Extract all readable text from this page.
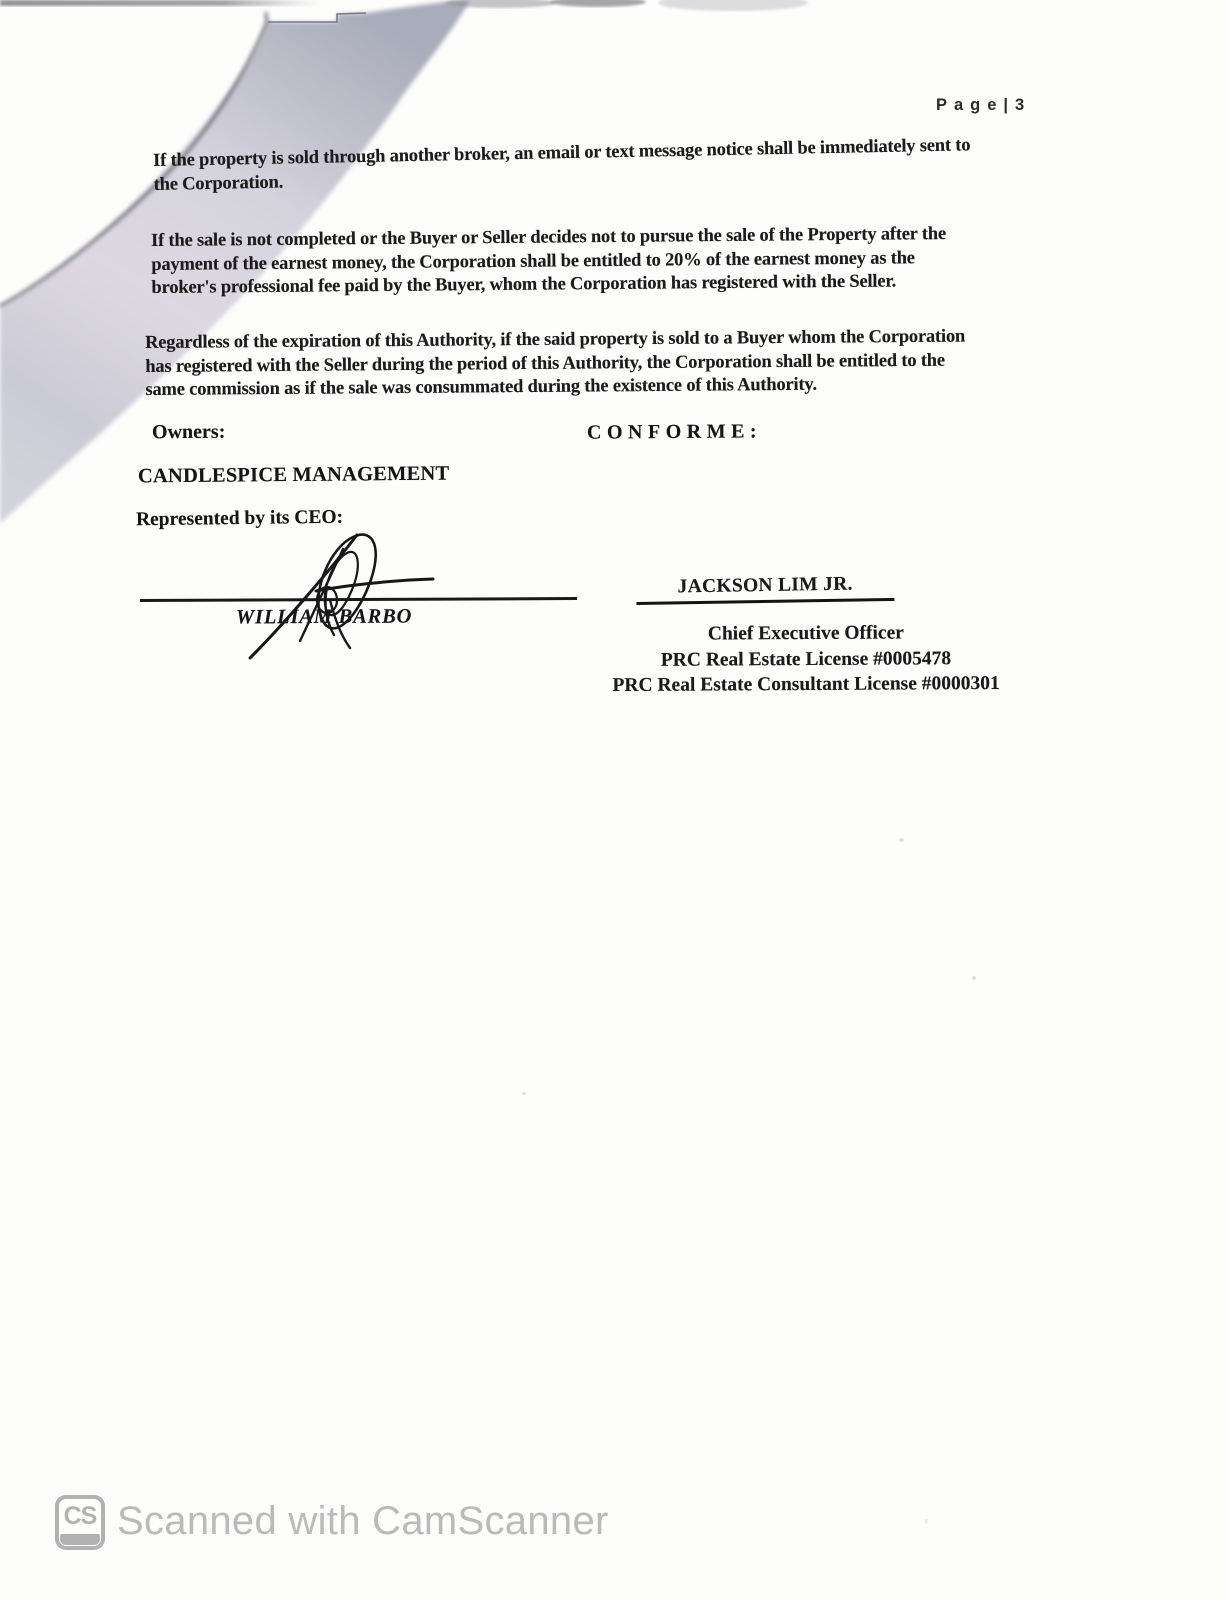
Page|3
If the property is sold through another broker, an email or text message notice shall be immediately sent to
the Corporation.
If the sale is not completed or the Buyer or Seller decides not to pursue the sale of the Property after the
payment of the earnest money, the Corporation shall be entitled to 20% of the earnest money as the
broker's professional fee paid by the Buyer, whom the Corporation has registered with the Seller.
Regardless of the expiration of this Authority, if the said property is sold to a Buyer whom the Corporation
has registered with the Seller during the period of this Authority, the Corporation shall be entitled to the
same commission as if the sale was consummated during the existence of this Authority.
Owners:	CONFORME:
CANDLESPICE MANAGEMENT
Represented by its CEO:
WILLIAM BARBO
JACKSON LIM JR.
Chief Executive Officer
PRC Real Estate License #0005478
PRC Real Estate Consultant License #0000301
CS Scanned with CamScanner
